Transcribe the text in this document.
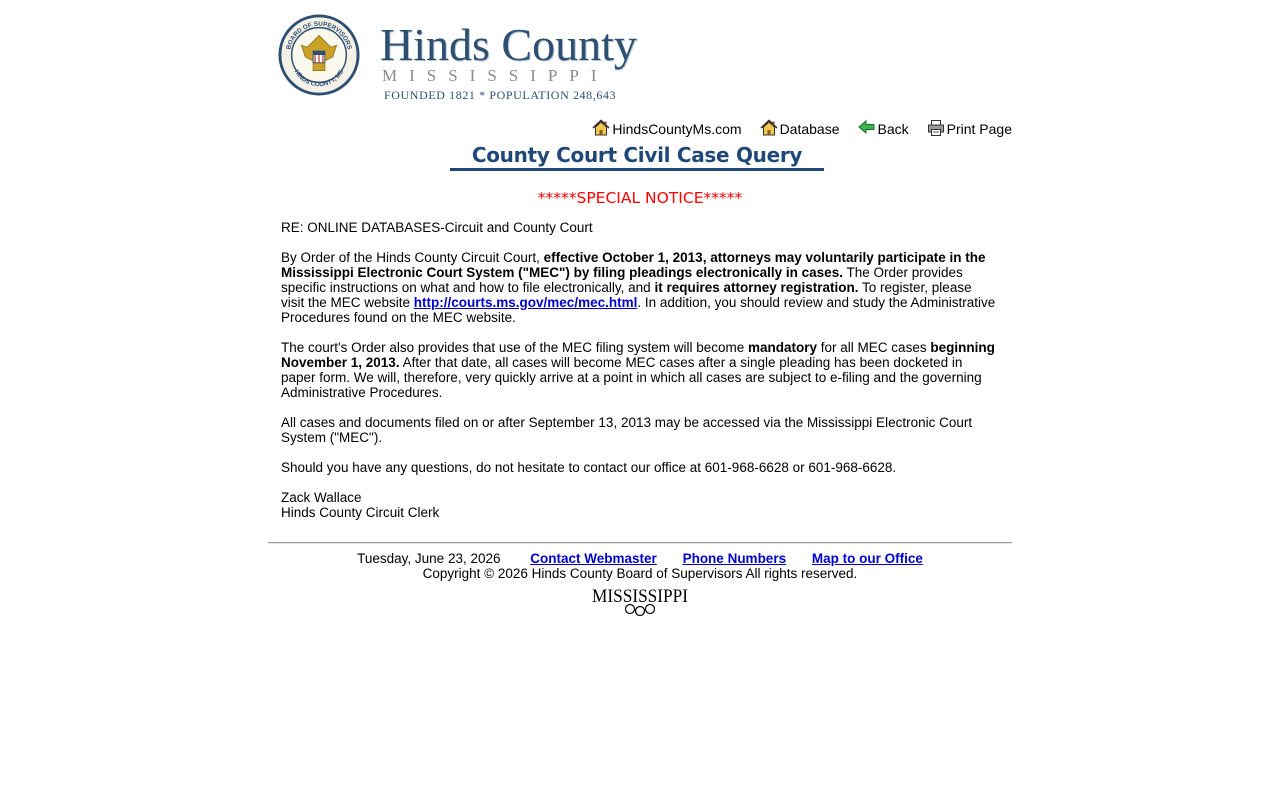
BOARD OF SUPERVISORS
HINDS COUNTY, MS
Hinds County
MISSISSIPPI
FOUNDED 1821 * POPULATION 248,643
HindsCountyMs.com	Database	Back	Print Page
County Court Civil Case Query
*****SPECIAL NOTICE*****

RE: ONLINE DATABASES-Circuit and County Court

By Order of the Hinds County Circuit Court, effective October 1, 2013, attorneys may voluntarily participate in the Mississippi Electronic Court System ("MEC") by filing pleadings electronically in cases. The Order provides specific instructions on what and how to file electronically, and it requires attorney registration. To register, please visit the MEC website http://courts.ms.gov/mec/mec.html. In addition, you should review and study the Administrative Procedures found on the MEC website.

The court's Order also provides that use of the MEC filing system will become mandatory for all MEC cases beginning November 1, 2013. After that date, all cases will become MEC cases after a single pleading has been docketed in paper form. We will, therefore, very quickly arrive at a point in which all cases are subject to e-filing and the governing Administrative Procedures.

All cases and documents filed on or after September 13, 2013 may be accessed via the Mississippi Electronic Court System ("MEC").

Should you have any questions, do not hesitate to contact our office at 601-968-6628 or 601-968-6628.

Zack Wallace
Hinds County Circuit Clerk

Tuesday, June 23, 2026 Contact Webmaster Phone Numbers Map to our Office
Copyright © 2026 Hinds County Board of Supervisors All rights reserved.
MISSISSIPPI
